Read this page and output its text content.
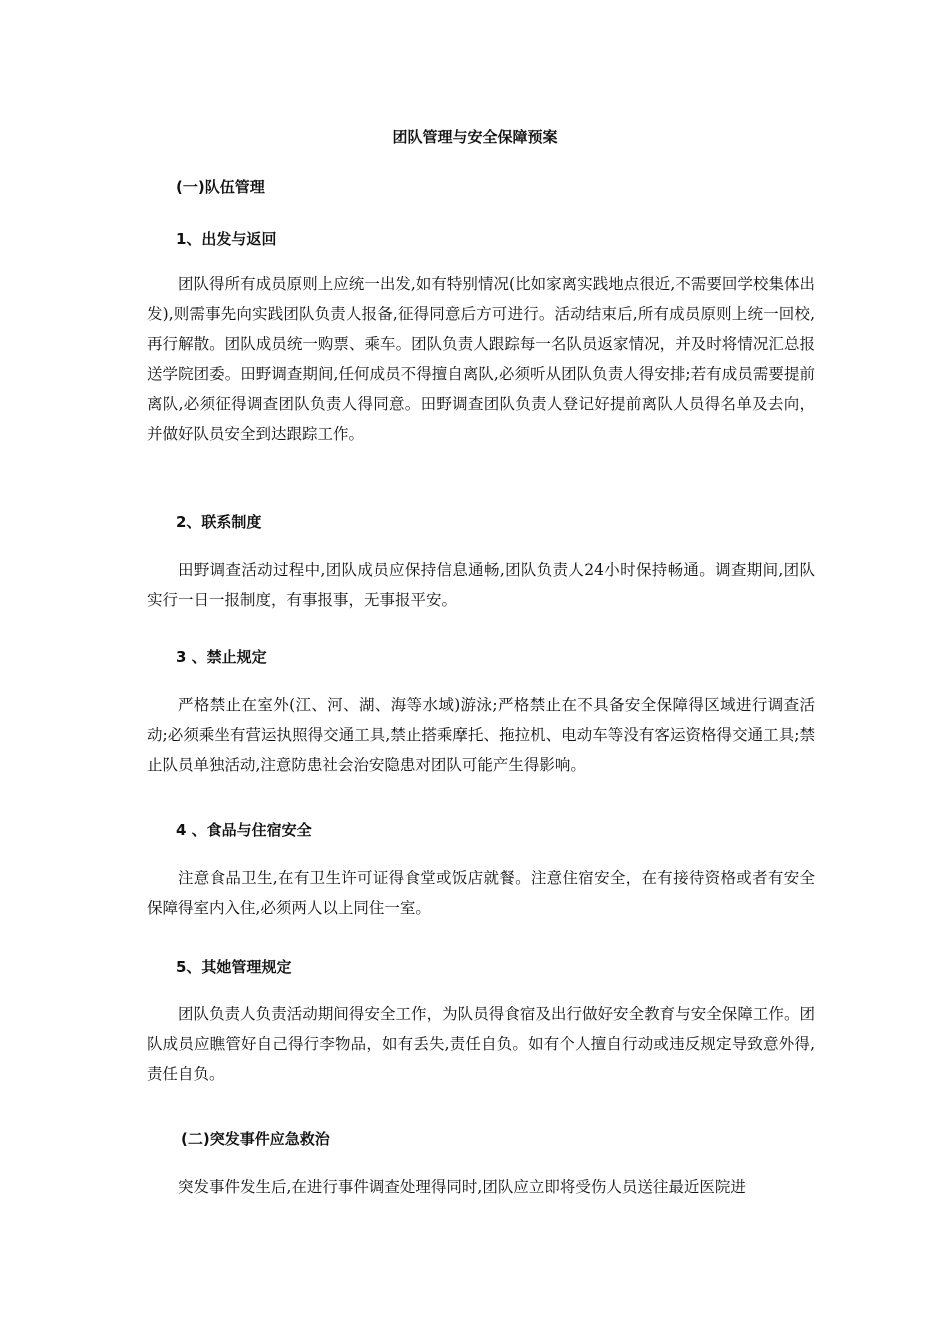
团队管理与安全保障预案
(一)队伍管理
1、出发与返回
团队得所有成员原则上应统一出发,如有特别情况(比如家离实践地点很近,不需要回学校集体出发),则需事先向实践团队负责人报备,征得同意后方可进行。活动结束后,所有成员原则上统一回校,再行解散。团队成员统一购票、乘车。团队负责人跟踪每一名队员返家情况，并及时将情况汇总报送学院团委。田野调查期间,任何成员不得擅自离队,必须听从团队负责人得安排;若有成员需要提前离队,必须征得调查团队负责人得同意。田野调查团队负责人登记好提前离队人员得名单及去向，并做好队员安全到达跟踪工作。
2、联系制度
田野调查活动过程中,团队成员应保持信息通畅,团队负责人24小时保持畅通。调查期间,团队实行一日一报制度，有事报事，无事报平安。
3 、禁止规定
严格禁止在室外(江、河、湖、海等水域)游泳;严格禁止在不具备安全保障得区域进行调查活动;必须乘坐有营运执照得交通工具,禁止搭乘摩托、拖拉机、电动车等没有客运资格得交通工具;禁止队员单独活动,注意防患社会治安隐患对团队可能产生得影响。
4 、食品与住宿安全
注意食品卫生,在有卫生许可证得食堂或饭店就餐。注意住宿安全，在有接待资格或者有安全保障得室内入住,必须两人以上同住一室。
5、其她管理规定
团队负责人负责活动期间得安全工作，为队员得食宿及出行做好安全教育与安全保障工作。团队成员应瞧管好自己得行李物品，如有丢失,责任自负。如有个人擅自行动或违反规定导致意外得,责任自负。
(二)突发事件应急救治
突发事件发生后,在进行事件调查处理得同时,团队应立即将受伤人员送往最近医院进
